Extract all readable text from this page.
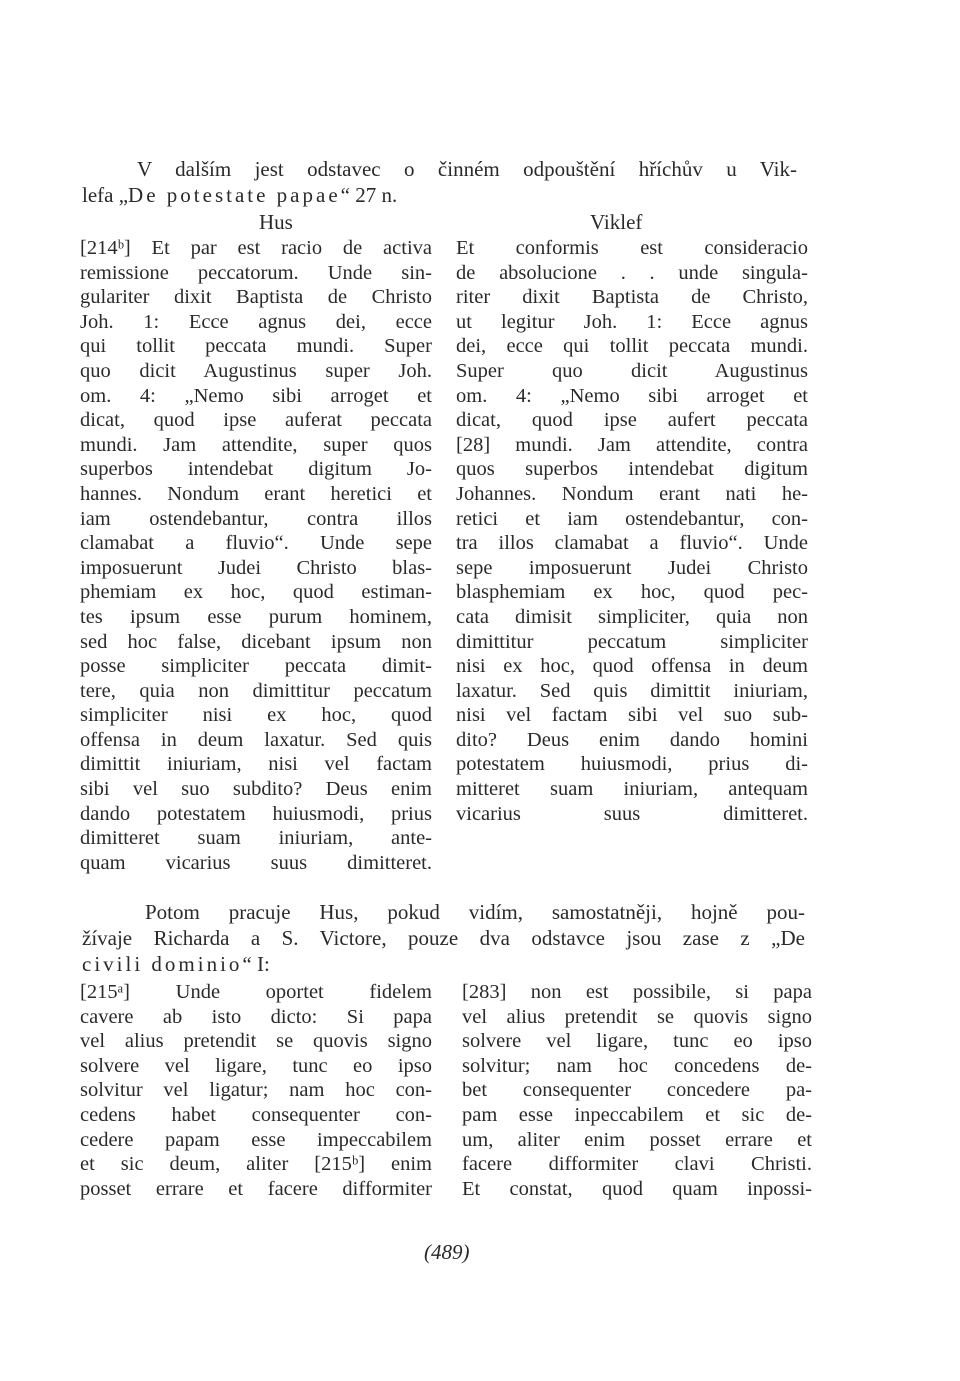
V dalším jest odstavec o činném odpouštění hříchův u Vik-
lefa „De potestate papae“ 27 n.
Hus	Viklef
[214ᵇ] Et par est racio de activa
remissione peccatorum. Unde sin-
gulariter dixit Baptista de Christo
Joh. 1: Ecce agnus dei, ecce
qui tollit peccata mundi. Super
quo dicit Augustinus super Joh.
om. 4: „Nemo sibi arroget et
dicat, quod ipse auferat peccata
mundi. Jam attendite, super quos
superbos intendebat digitum Jo-
hannes. Nondum erant heretici et
iam ostendebantur, contra illos
clamabat a fluvio“. Unde sepe
imposuerunt Judei Christo blas-
phemiam ex hoc, quod estiman-
tes ipsum esse purum hominem,
sed hoc false, dicebant ipsum non
posse simpliciter peccata dimit-
tere, quia non dimittitur peccatum
simpliciter nisi ex hoc, quod
offensa in deum laxatur. Sed quis
dimittit iniuriam, nisi vel factam
sibi vel suo subdito? Deus enim
dando potestatem huiusmodi, prius
dimitteret suam iniuriam, ante-
quam vicarius suus dimitteret.
Et conformis est consideracio
de absolucione . . unde singula-
riter dixit Baptista de Christo,
ut legitur Joh. 1: Ecce agnus
dei, ecce qui tollit peccata mundi.
Super quo dicit Augustinus
om. 4: „Nemo sibi arroget et
dicat, quod ipse aufert peccata
[28] mundi. Jam attendite, contra
quos superbos intendebat digitum
Johannes. Nondum erant nati he-
retici et iam ostendebantur, con-
tra illos clamabat a fluvio“. Unde
sepe imposuerunt Judei Christo
blasphemiam ex hoc, quod pec-
cata dimisit simpliciter, quia non
dimittitur peccatum simpliciter
nisi ex hoc, quod offensa in deum
laxatur. Sed quis dimittit iniuriam,
nisi vel factam sibi vel suo sub-
dito? Deus enim dando homini
potestatem huiusmodi, prius di-
mitteret suam iniuriam, antequam
vicarius suus dimitteret.
Potom pracuje Hus, pokud vidím, samostatněji, hojně pou-
žívaje Richarda a S. Victore, pouze dva odstavce jsou zase z „De
civili dominio“ I:
[215ᵃ] Unde oportet fidelem
cavere ab isto dicto: Si papa
vel alius pretendit se quovis signo
solvere vel ligare, tunc eo ipso
solvitur vel ligatur; nam hoc con-
cedens habet consequenter con-
cedere papam esse impeccabilem
et sic deum, aliter [215ᵇ] enim
posset errare et facere difformiter
[283] non est possibile, si papa
vel alius pretendit se quovis signo
solvere vel ligare, tunc eo ipso
solvitur; nam hoc concedens de-
bet consequenter concedere pa-
pam esse inpeccabilem et sic de-
um, aliter enim posset errare et
facere difformiter clavi Christi.
Et constat, quod quam inpossi-
(489)
